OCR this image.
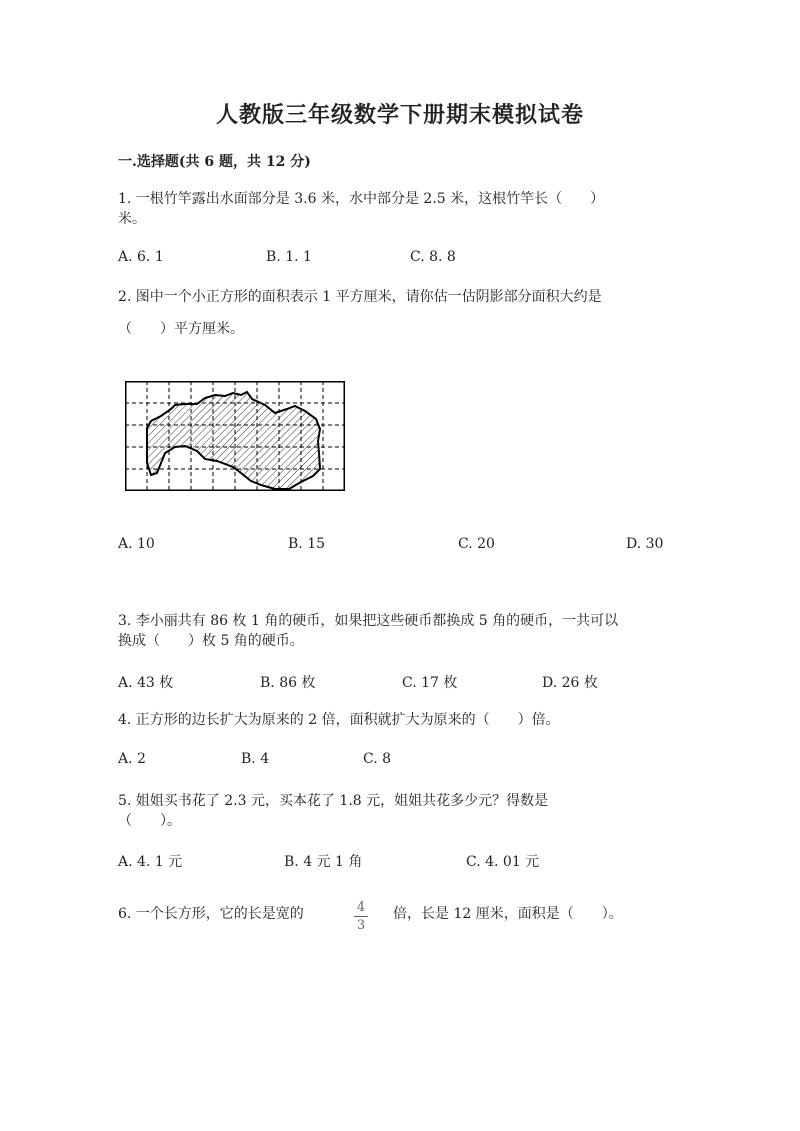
人教版三年级数学下册期末模拟试卷
一.选择题(共 6 题，共 12 分)
1. 一根竹竿露出水面部分是 3.6 米，水中部分是 2.5 米，这根竹竿长（　　）
米。
A. 6. 1	B. 1. 1	C. 8. 8
2. 图中一个小正方形的面积表示 1 平方厘米，请你估一估阴影部分面积大约是
（　　）平方厘米。
A. 10	B. 15	C. 20	D. 30
3. 李小丽共有 86 枚 1 角的硬币，如果把这些硬币都换成 5 角的硬币，一共可以
换成（　　）枚 5 角的硬币。
A. 43 枚	B. 86 枚	C. 17 枚	D. 26 枚
4. 正方形的边长扩大为原来的 2 倍，面积就扩大为原来的（　　）倍。
A. 2	B. 4	C. 8
5. 姐姐买书花了 2.3 元，买本花了 1.8 元，姐姐共花多少元？得数是
（　　）。
A. 4. 1 元	B. 4 元 1 角	C. 4. 01 元
6. 一个长方形，它的长是宽的	4
3
倍，长是 12 厘米，面积是（　　）。
